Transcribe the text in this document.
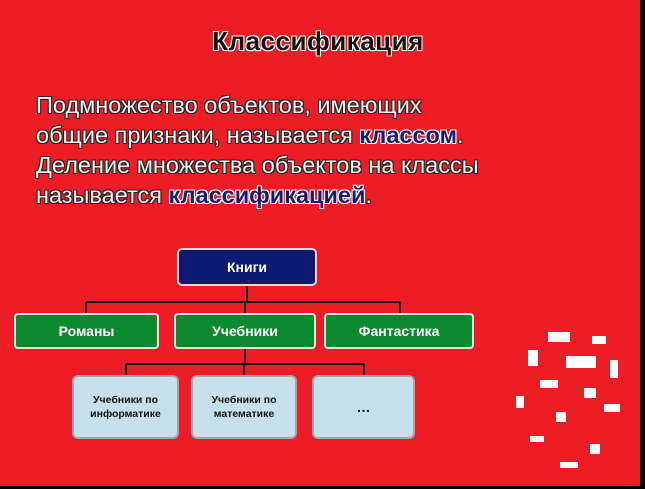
Классификация
Подмножество объектов, имеющих
общие признаки, называется классом.
Деление множества объектов на классы
называется классификацией.
Книги
Романы	Учебники	Фантастика
Учебники по
информатике
Учебники по
математике	…
